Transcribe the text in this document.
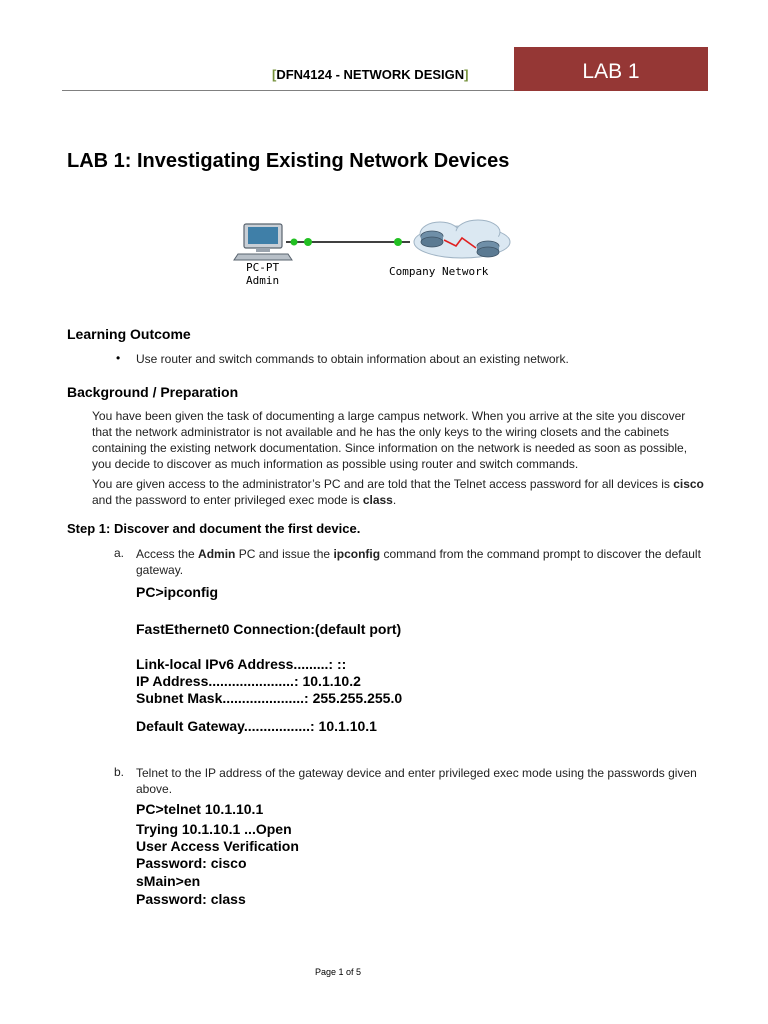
[DFN4124 - NETWORK DESIGN]	LAB 1
LAB 1: Investigating Existing Network Devices
PC-PT
Admin
Company Network
Learning Outcome
• Use router and switch commands to obtain information about an existing network.

Background / Preparation

You have been given the task of documenting a large campus network. When you arrive at the site you discover that the network administrator is not available and he has the only keys to the wiring closets and the cabinets containing the existing network documentation. Since information on the network is needed as soon as possible, you decide to discover as much information as possible using router and switch commands.

You are given access to the administrator’s PC and are told that the Telnet access password for all devices is cisco and the password to enter privileged exec mode is class.

Step 1: Discover and document the first device.
a. Access the Admin PC and issue the ipconfig command from the command prompt to discover the default gateway.

PC>ipconfig
FastEthernet0 Connection:(default port)
Link-local IPv6 Address.........: ::
IP Address......................: 10.1.10.2
Subnet Mask.....................: 255.255.255.0
Default Gateway.................: 10.1.10.1
b. Telnet to the IP address of the gateway device and enter privileged exec mode using the passwords given above.

PC>telnet 10.1.10.1
Trying 10.1.10.1 ...Open
User Access Verification
Password: cisco
sMain>en
Password: class
Page 1 of 5
